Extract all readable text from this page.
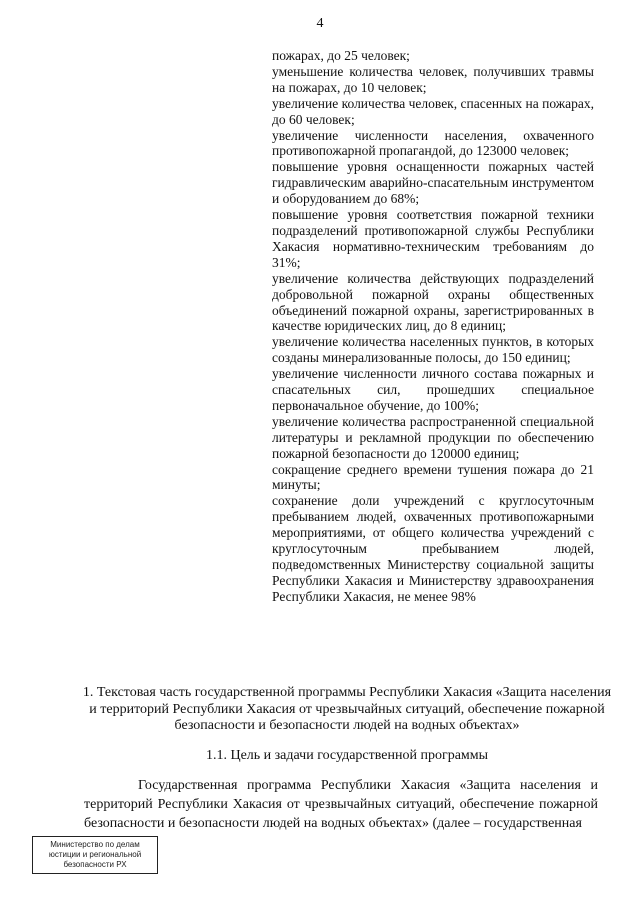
4

пожарах, до 25 человек;

уменьшение количества человек, получивших травмы на пожарах, до 10 человек;

увеличение количества человек, спасенных на пожарах, до 60 человек;

увеличение численности населения, охваченного противопожарной пропагандой, до 123000 человек;

повышение уровня оснащенности пожарных частей гидравлическим аварийно-спасательным инструментом и оборудованием до 68%;

повышение уровня соответствия пожарной техники подразделений противопожарной службы Республики Хакасия нормативно-техническим требованиям до 31%;

увеличение количества действующих подразделений добровольной пожарной охраны общественных объединений пожарной охраны, зарегистрированных в качестве юридических лиц, до 8 единиц;

увеличение количества населенных пунктов, в которых созданы минерализованные полосы, до 150 единиц;

увеличение численности личного состава пожарных и спасательных сил, прошедших специальное первоначальное обучение, до 100%;

увеличение количества распространенной специальной литературы и рекламной продукции по обеспечению пожарной безопасности до 120000 единиц;

сокращение среднего времени тушения пожара до 21 минуты;

сохранение доли учреждений с круглосуточным пребыванием людей, охваченных противопожарными мероприятиями, от общего количества учреждений с круглосуточным пребыванием людей, подведомственных Министерству социальной защиты Республики Хакасия и Министерству здравоохранения Республики Хакасия, не менее 98%

1. Текстовая часть государственной программы Республики Хакасия «Защита населения и территорий Республики Хакасия от чрезвычайных ситуаций, обеспечение пожарной безопасности и безопасности людей на водных объектах»
1.1. Цель и задачи государственной программы

Государственная программа Республики Хакасия «Защита населения и территорий Республики Хакасия от чрезвычайных ситуаций, обеспечение пожарной безопасности и безопасности людей на водных объектах» (далее – государственная

Министерство по делам
юстиции и региональной
безопасности РХ
